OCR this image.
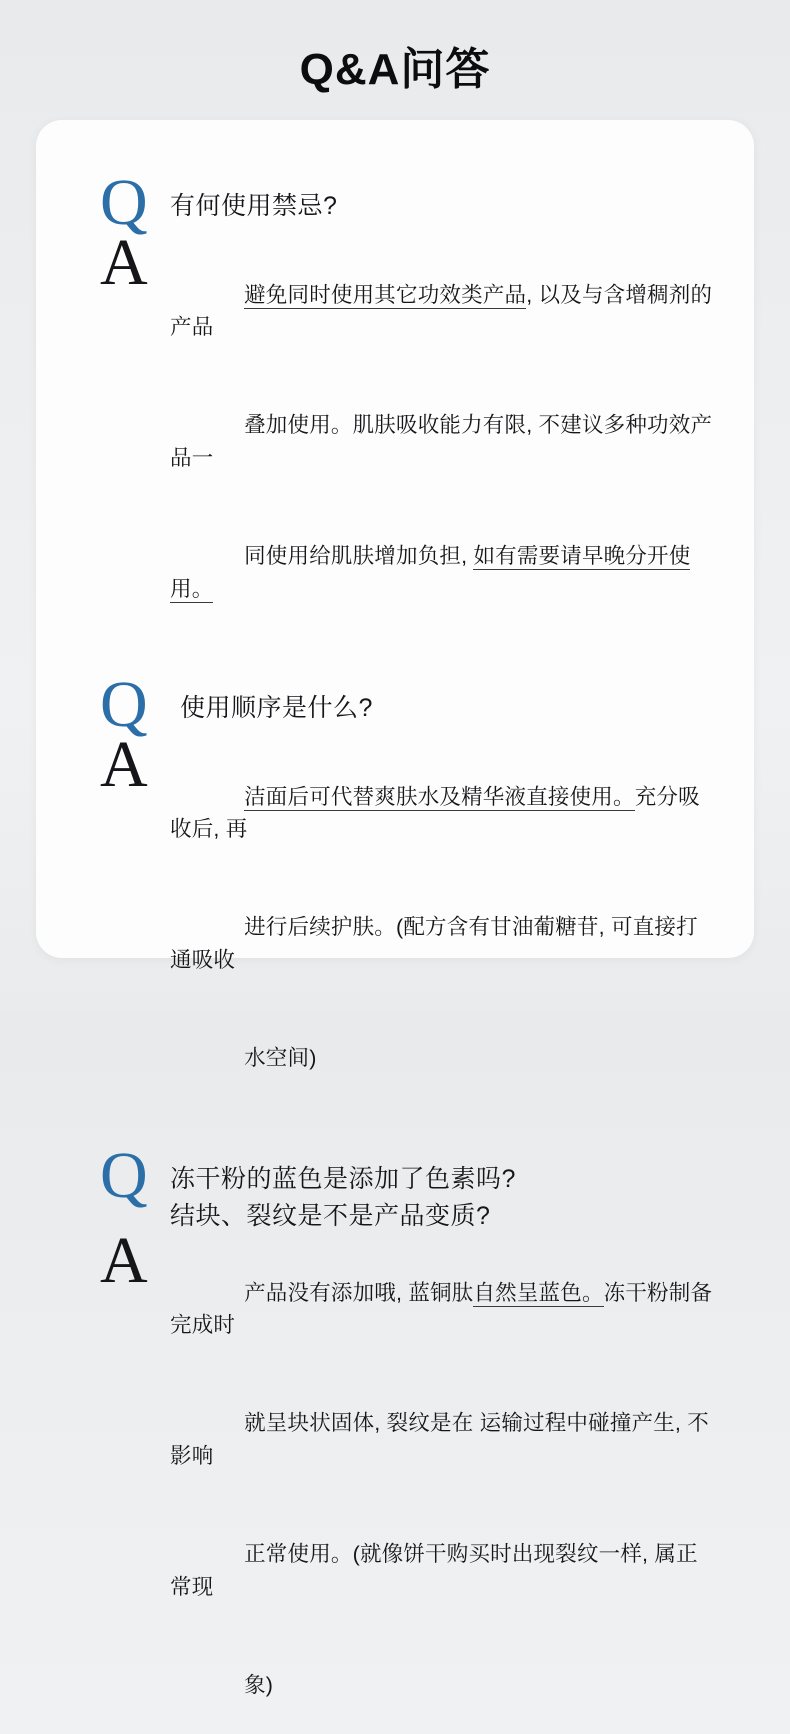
Q&A问答
Q 有何使用禁忌?
A	避免同时使用其它功效类产品, 以及与含增稠剂的产品

叠加使用。肌肤吸收能力有限, 不建议多种功效产品一

同使用给肌肤增加负担, 如有需要请早晚分开使用。

Q	使用顺序是什么?
A	洁面后可代替爽肤水及精华液直接使用。充分吸收后, 再

进行后续护肤。(配方含有甘油葡糖苷, 可直接打通吸收

水空间)

Q 冻干粉的蓝色是添加了色素吗?
结块、裂纹是不是产品变质?
A	产品没有添加哦, 蓝铜肽自然呈蓝色。冻干粉制备完成时

就呈块状固体, 裂纹是在 运输过程中碰撞产生, 不影响

正常使用。(就像饼干购买时出现裂纹一样, 属正常现

象)
